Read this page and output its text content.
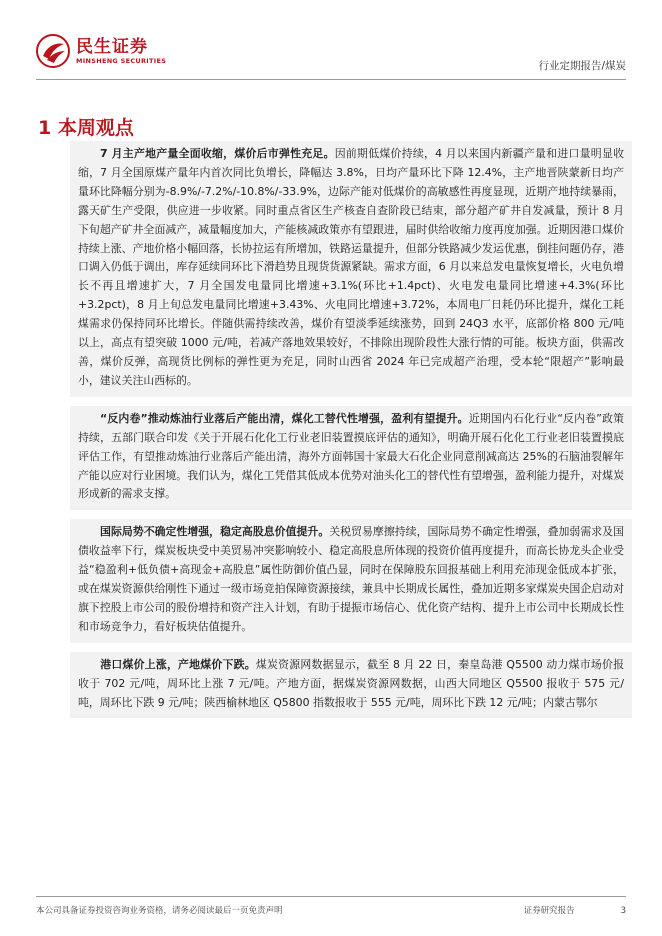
民生证券
MINSHENG SECURITIES	行业定期报告/煤炭
1 本周观点
7 月主产地产量全面收缩，煤价后市弹性充足。因前期低煤价持续，4 月以来国内新疆产量和进口量明显收缩，7 月全国原煤产量年内首次同比负增长，降幅达 3.8%，日均产量环比下降 12.4%，主产地晋陕蒙新日均产量环比降幅分别为-8.9%/-7.2%/-10.8%/-33.9%，边际产能对低煤价的高敏感性再度显现，近期产地持续暴雨，露天矿生产受限，供应进一步收紧。同时重点省区生产核查自查阶段已结束，部分超产矿井自发减量，预计 8 月下旬超产矿井全面减产，减量幅度加大，产能核减政策亦有望跟进，届时供给收缩力度再度加强。近期因港口煤价持续上涨、产地价格小幅回落，长协拉运有所增加，铁路运量提升，但部分铁路减少发运优惠，倒挂问题仍存，港口调入仍低于调出，库存延续同环比下滑趋势且现货货源紧缺。需求方面，6 月以来总发电量恢复增长，火电负增长不再且增速扩大，7 月全国发电量同比增速+3.1%(环比+1.4pct)、火电发电量同比增速+4.3%(环比+3.2pct)，8 月上旬总发电量同比增速+3.43%、火电同比增速+3.72%，本周电厂日耗仍环比提升，煤化工耗煤需求仍保持同环比增长。伴随供需持续改善，煤价有望淡季延续涨势，回到 24Q3 水平，底部价格 800 元/吨以上，高点有望突破 1000 元/吨，若减产落地效果较好，不排除出现阶段性大涨行情的可能。板块方面，供需改善，煤价反弹，高现货比例标的弹性更为充足，同时山西省 2024 年已完成超产治理，受本轮“限超产”影响最小，建议关注山西标的。
“反内卷”推动炼油行业落后产能出清，煤化工替代性增强，盈利有望提升。近期国内石化行业“反内卷”政策持续，五部门联合印发《关于开展石化化工行业老旧装置摸底评估的通知》，明确开展石化化工行业老旧装置摸底评估工作，有望推动炼油行业落后产能出清，海外方面韩国十家最大石化企业同意削减高达 25%的石脑油裂解年产能以应对行业困境。我们认为，煤化工凭借其低成本优势对油头化工的替代性有望增强，盈利能力提升，对煤炭形成新的需求支撑。
国际局势不确定性增强，稳定高股息价值提升。关税贸易摩擦持续，国际局势不确定性增强，叠加弱需求及国债收益率下行，煤炭板块受中美贸易冲突影响较小、稳定高股息所体现的投资价值再度提升，而高长协龙头企业受益“稳盈利+低负债+高现金+高股息”属性防御价值凸显，同时在保障股东回报基础上利用充沛现金低成本扩张，或在煤炭资源供给刚性下通过一级市场竞拍保障资源接续，兼具中长期成长属性，叠加近期多家煤炭央国企启动对旗下控股上市公司的股份增持和资产注入计划，有助于提振市场信心、优化资产结构、提升上市公司中长期成长性和市场竞争力，看好板块估值提升。
港口煤价上涨，产地煤价下跌。煤炭资源网数据显示，截至 8 月 22 日，秦皇岛港 Q5500 动力煤市场价报收于 702 元/吨，周环比上涨 7 元/吨。产地方面，据煤炭资源网数据，山西大同地区 Q5500 报收于 575 元/吨，周环比下跌 9 元/吨；陕西榆林地区 Q5800 指数报收于 555 元/吨，周环比下跌 12 元/吨；内蒙古鄂尔
本公司具备证券投资咨询业务资格，请务必阅读最后一页免责声明	证券研究报告	3
